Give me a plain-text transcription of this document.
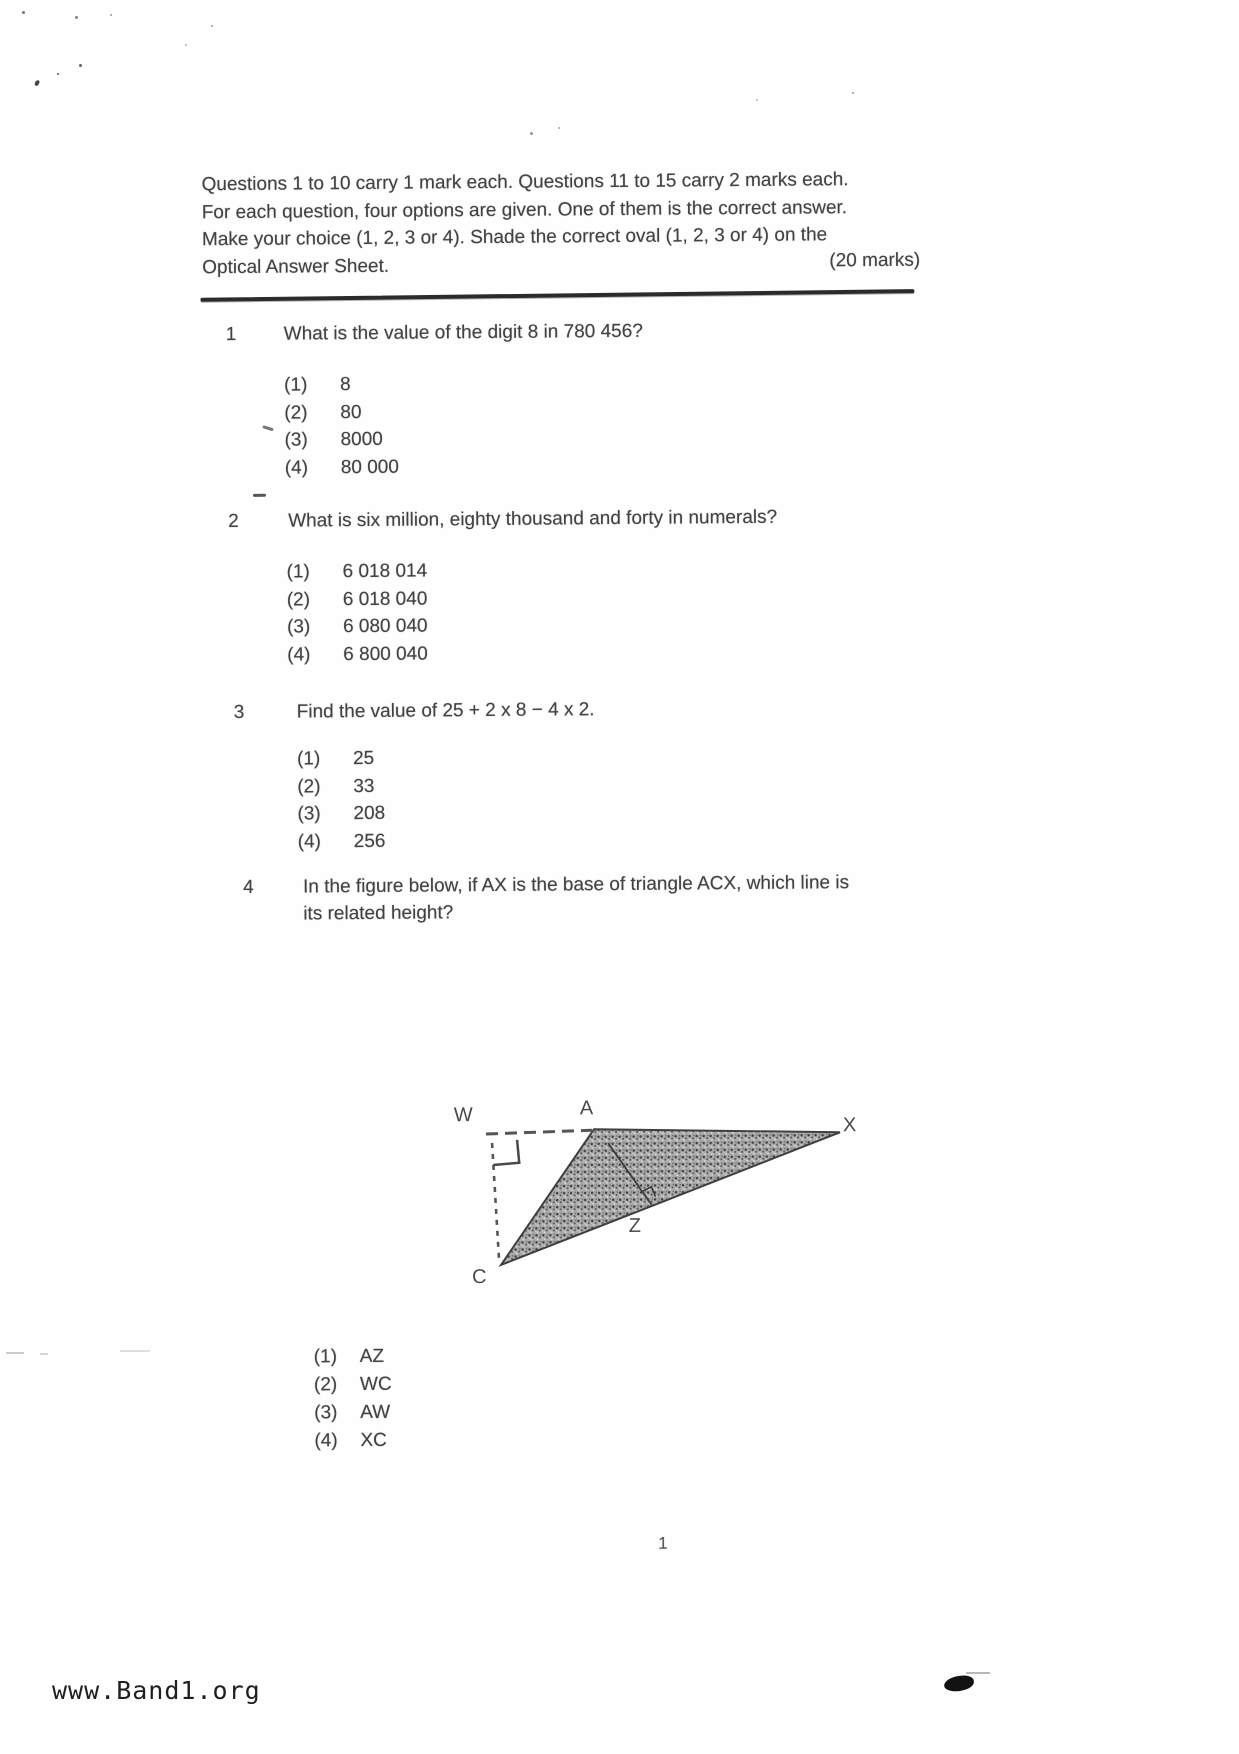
Questions 1 to 10 carry 1 mark each. Questions 11 to 15 carry 2 marks each.
For each question, four options are given. One of them is the correct answer.
Make your choice (1, 2, 3 or 4). Shade the correct oval (1, 2, 3 or 4) on the
Optical Answer Sheet.	(20 marks)
1 What is the value of the digit 8 in 780 456?
(1) 8
(2) 80
(3) 8000
(4) 80 000
2	What is six million, eighty thousand and forty in numerals?
(1) 6 018 014
(2) 6 018 040
(3) 6 080 040
(4) 6 800 040
3	Find the value of 25 + 2 x 8 − 4 x 2.
(1) 25
(2) 33
(3) 208
(4) 256
4	In the figure below, if AX is the base of triangle ACX, which line is
its related height?
W	A
X
C
Z
(1) AZ
(2) WC
(3) AW
(4) XC
1
www.Band1.org
